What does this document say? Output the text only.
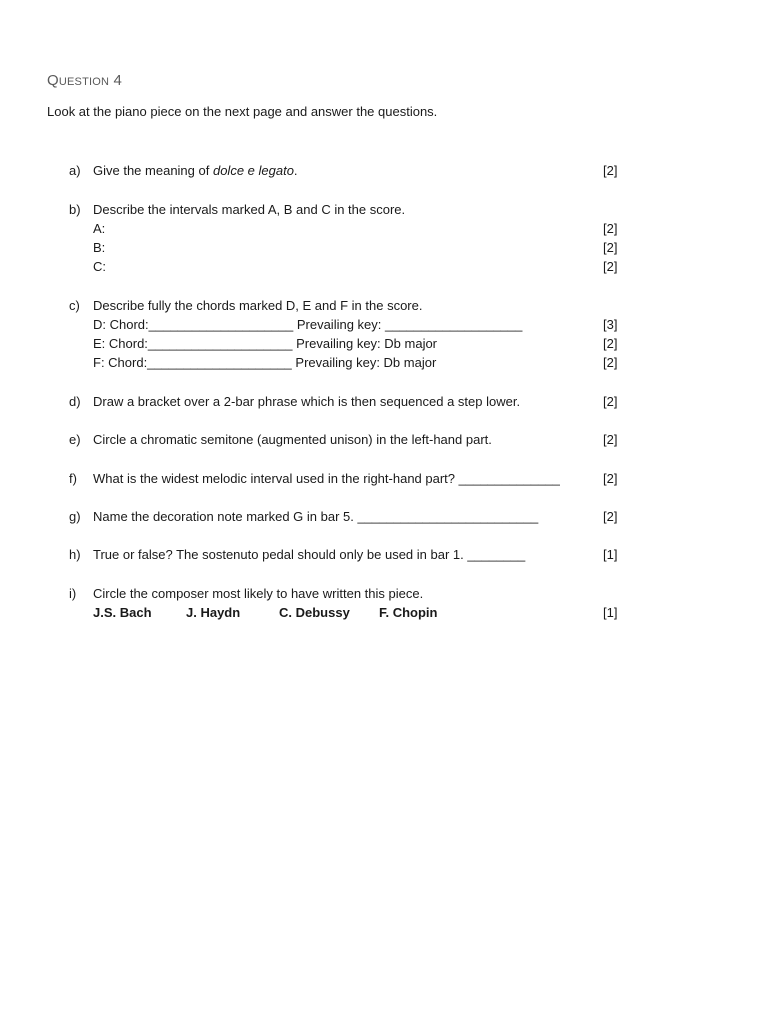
Question 4
Look at the piano piece on the next page and answer the questions.
a) Give the meaning of dolce e legato.	[2]
b) Describe the intervals marked A, B and C in the score.
A:	[2]
B:	[2]
C:	[2]
c) Describe fully the chords marked D, E and F in the score.
D: Chord:____________________ Prevailing key: ___________________	[3]
E: Chord:____________________ Prevailing key: Db major	[2]
F: Chord:____________________ Prevailing key: Db major	[2]
d) Draw a bracket over a 2-bar phrase which is then sequenced a step lower.	[2]
e) Circle a chromatic semitone (augmented unison) in the left-hand part.	[2]
f) What is the widest melodic interval used in the right-hand part? ______________	[2]
g) Name the decoration note marked G in bar 5. _________________________	[2]
h) True or false? The sostenuto pedal should only be used in bar 1. ________	[1]
i) Circle the composer most likely to have written this piece.
J.S. Bach	J. Haydn	C. Debussy F. Chopin	[1]
